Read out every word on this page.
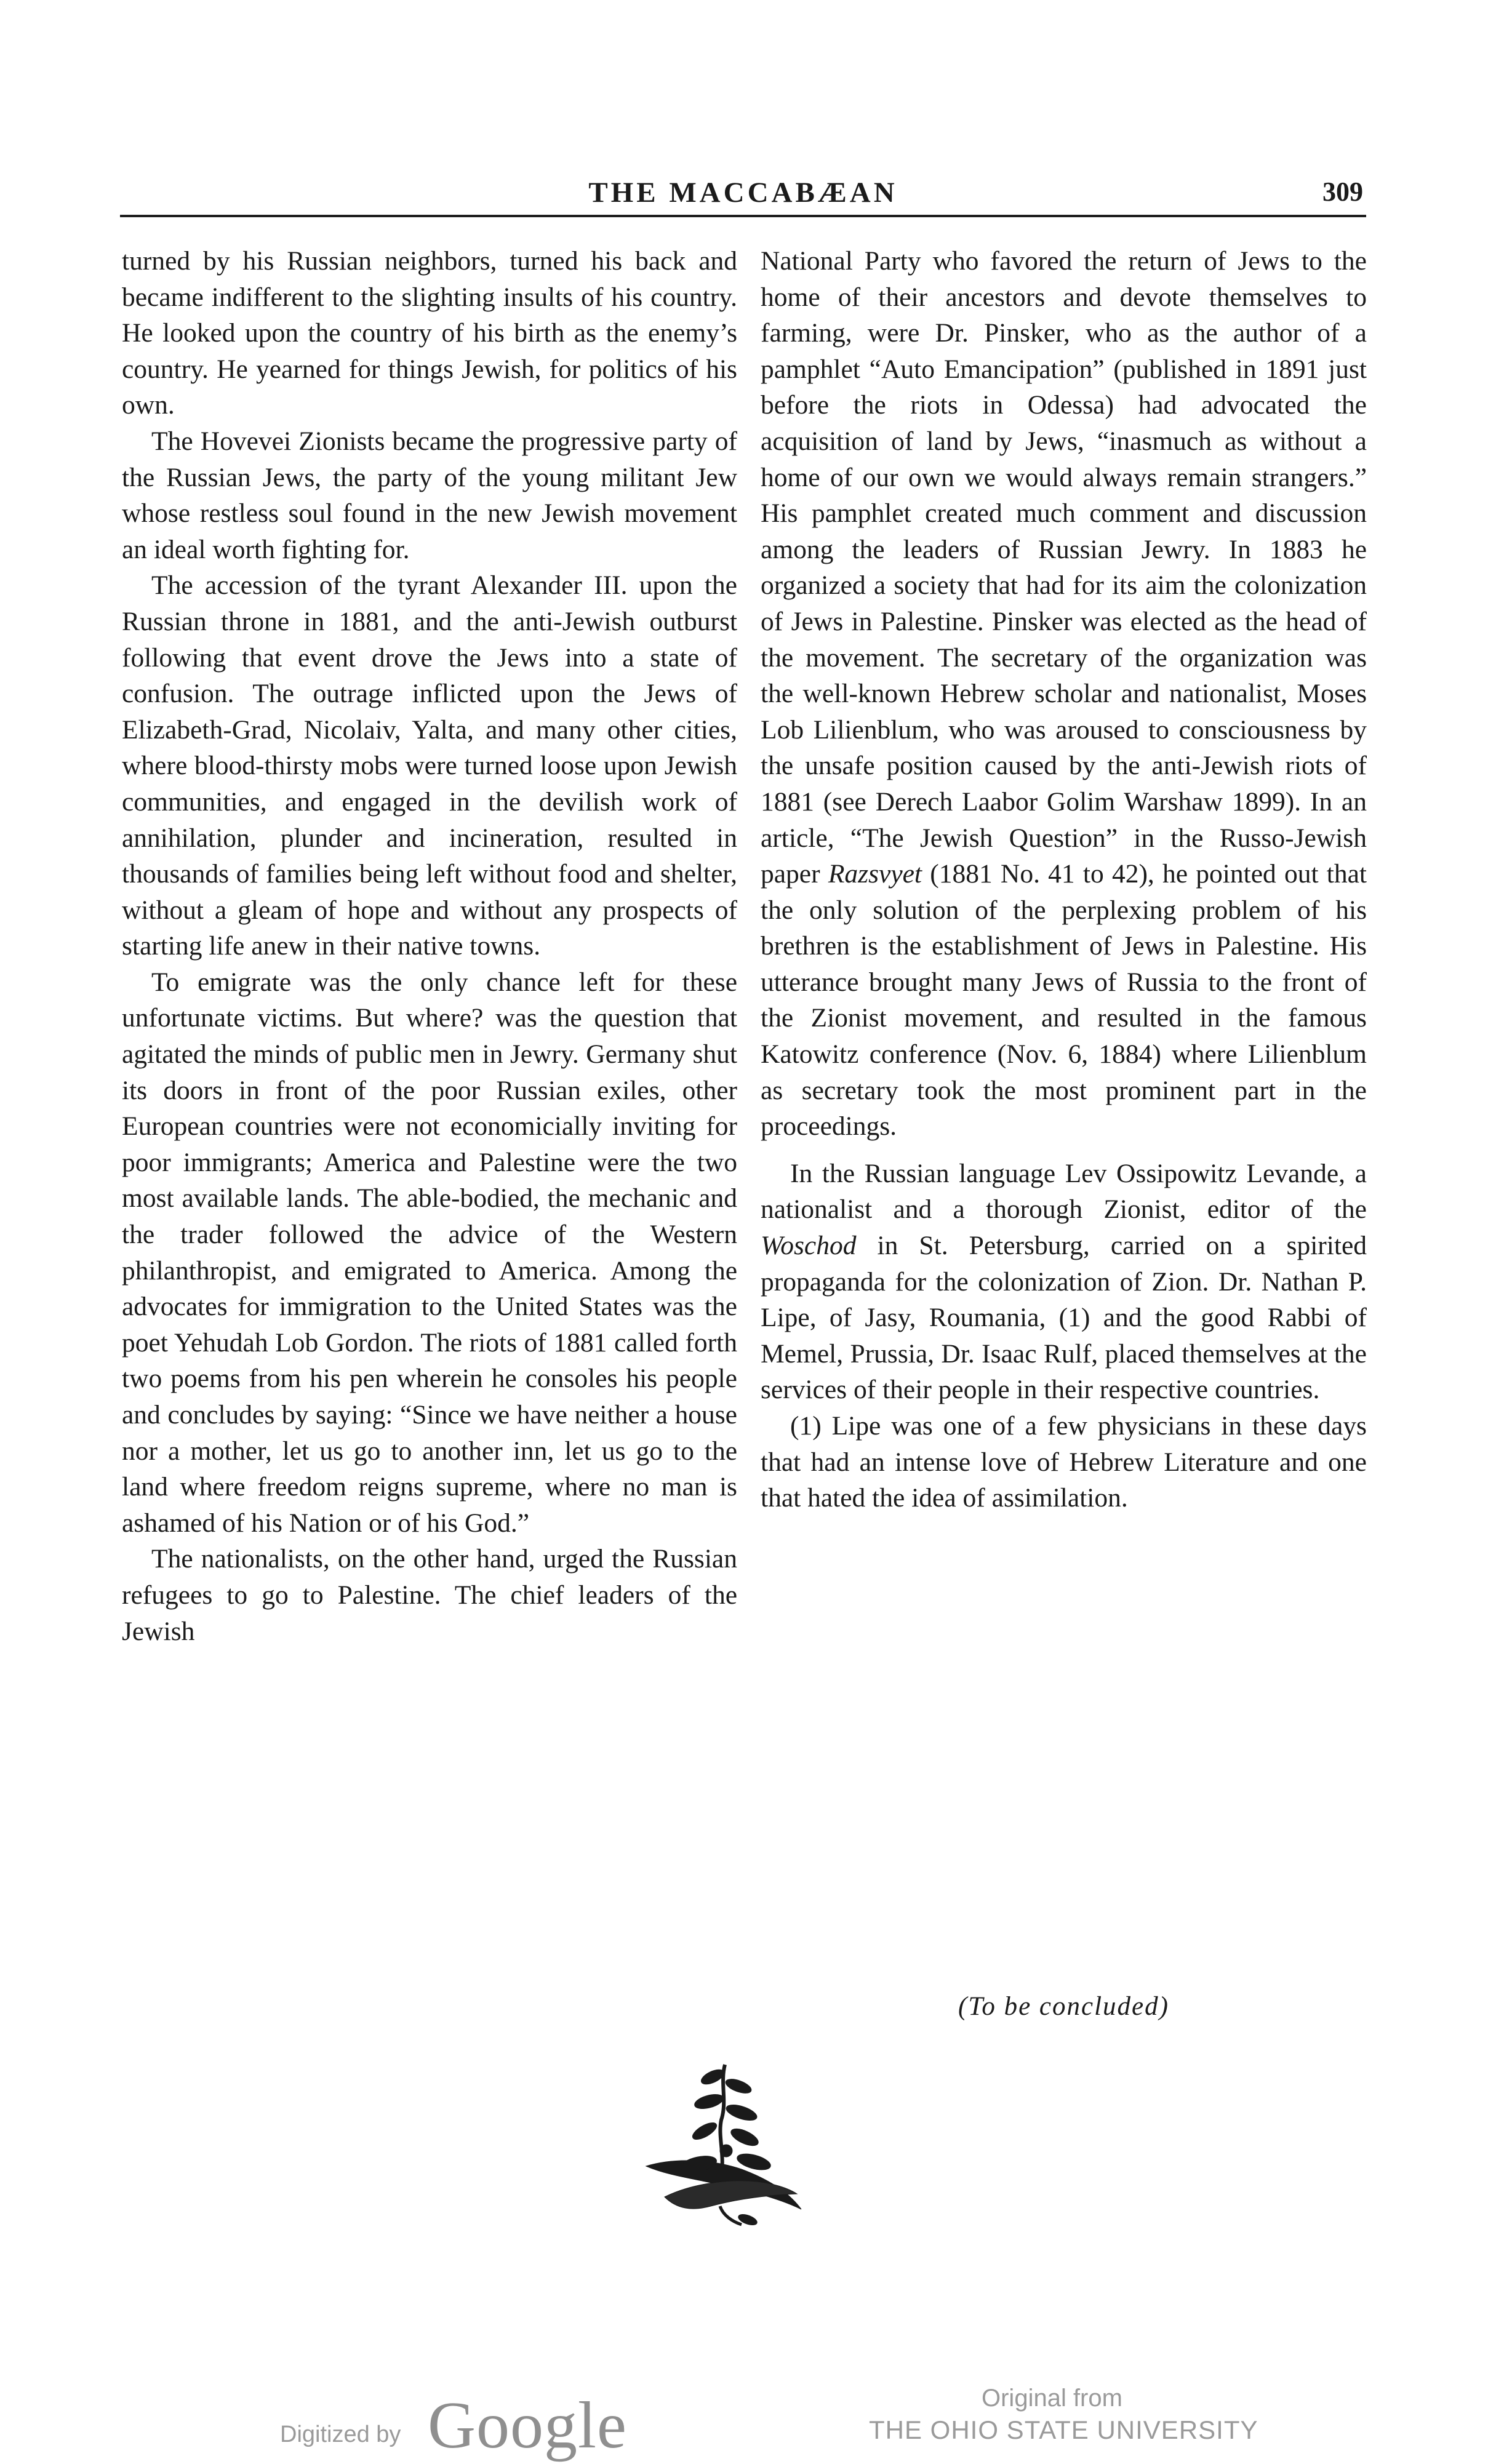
THE MACCABÆAN	309

turned by his Russian neighbors, turned his back and became indifferent to the slighting insults of his country. He looked upon the country of his birth as the enemy’s country. He yearned for things Jewish, for politics of his own.

The Hovevei Zionists became the progressive party of the Russian Jews, the party of the young militant Jew whose restless soul found in the new Jewish movement an ideal worth fighting for.

The accession of the tyrant Alexander III. upon the Russian throne in 1881, and the anti-Jewish outburst following that event drove the Jews into a state of confusion. The outrage inflicted upon the Jews of Elizabeth-Grad, Nicolaiv, Yalta, and many other cities, where blood-thirsty mobs were turned loose upon Jewish communities, and engaged in the devilish work of annihilation, plunder and incineration, resulted in thousands of families being left without food and shelter, without a gleam of hope and without any prospects of starting life anew in their native towns.

To emigrate was the only chance left for these unfortunate victims. But where? was the question that agitated the minds of public men in Jewry. Germany shut its doors in front of the poor Russian exiles, other European countries were not economicially inviting for poor immigrants; America and Palestine were the two most available lands. The able-bodied, the mechanic and the trader followed the advice of the Western philanthropist, and emigrated to America. Among the advocates for immigration to the United States was the poet Yehudah Lob Gordon. The riots of 1881 called forth two poems from his pen wherein he consoles his people and concludes by saying: “Since we have neither a house nor a mother, let us go to another inn, let us go to the land where freedom reigns supreme, where no man is ashamed of his Nation or of his God.”

The nationalists, on the other hand, urged the Russian refugees to go to Palestine. The chief leaders of the Jewish

National Party who favored the return of Jews to the home of their ancestors and devote themselves to farming, were Dr. Pinsker, who as the author of a pamphlet “Auto Emancipation” (published in 1891 just before the riots in Odessa) had advocated the acquisition of land by Jews, “inasmuch as without a home of our own we would always remain strangers.” His pamphlet created much comment and discussion among the leaders of Russian Jewry. In 1883 he organized a society that had for its aim the colonization of Jews in Palestine. Pinsker was elected as the head of the movement. The secretary of the organization was the well-known Hebrew scholar and nationalist, Moses Lob Lilienblum, who was aroused to consciousness by the unsafe position caused by the anti-Jewish riots of 1881 (see Derech Laabor Golim Warshaw 1899). In an article, “The Jewish Question” in the Russo-Jewish paper Razsvyet (1881 No. 41 to 42), he pointed out that the only solution of the perplexing problem of his brethren is the establishment of Jews in Palestine. His utterance brought many Jews of Russia to the front of the Zionist movement, and resulted in the famous Katowitz conference (Nov. 6, 1884) where Lilienblum as secretary took the most prominent part in the proceedings.

In the Russian language Lev Ossipowitz Levande, a nationalist and a thorough Zionist, editor of the Woschod in St. Petersburg, carried on a spirited propaganda for the colonization of Zion. Dr. Nathan P. Lipe, of Jasy, Roumania, (1) and the good Rabbi of Memel, Prussia, Dr. Isaac Rulf, placed themselves at the services of their people in their respective countries.

(1) Lipe was one of a few physicians in these days that had an intense love of Hebrew Literature and one that hated the idea of assimilation.

(To be concluded)
Digitized by Google	Original from
THE OHIO STATE UNIVERSITY
